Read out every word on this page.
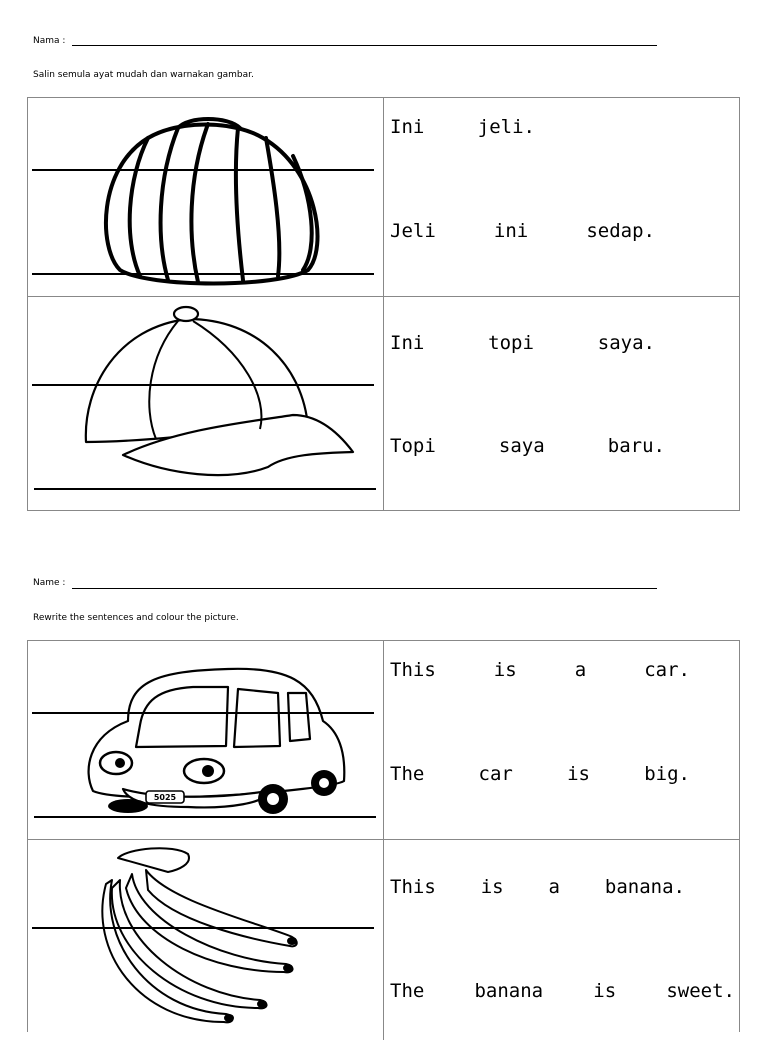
Nama :
Salin semula ayat mudah dan warnakan gambar.
Ini	jeli.
Jeli	ini	sedap.
Ini	topi	saya.
Topi	saya	baru.
Name :
Rewrite the sentences and colour the picture.
5025
This	is	a	car.
The	car	is	big.
This is a banana.
The	banana	is	sweet.
